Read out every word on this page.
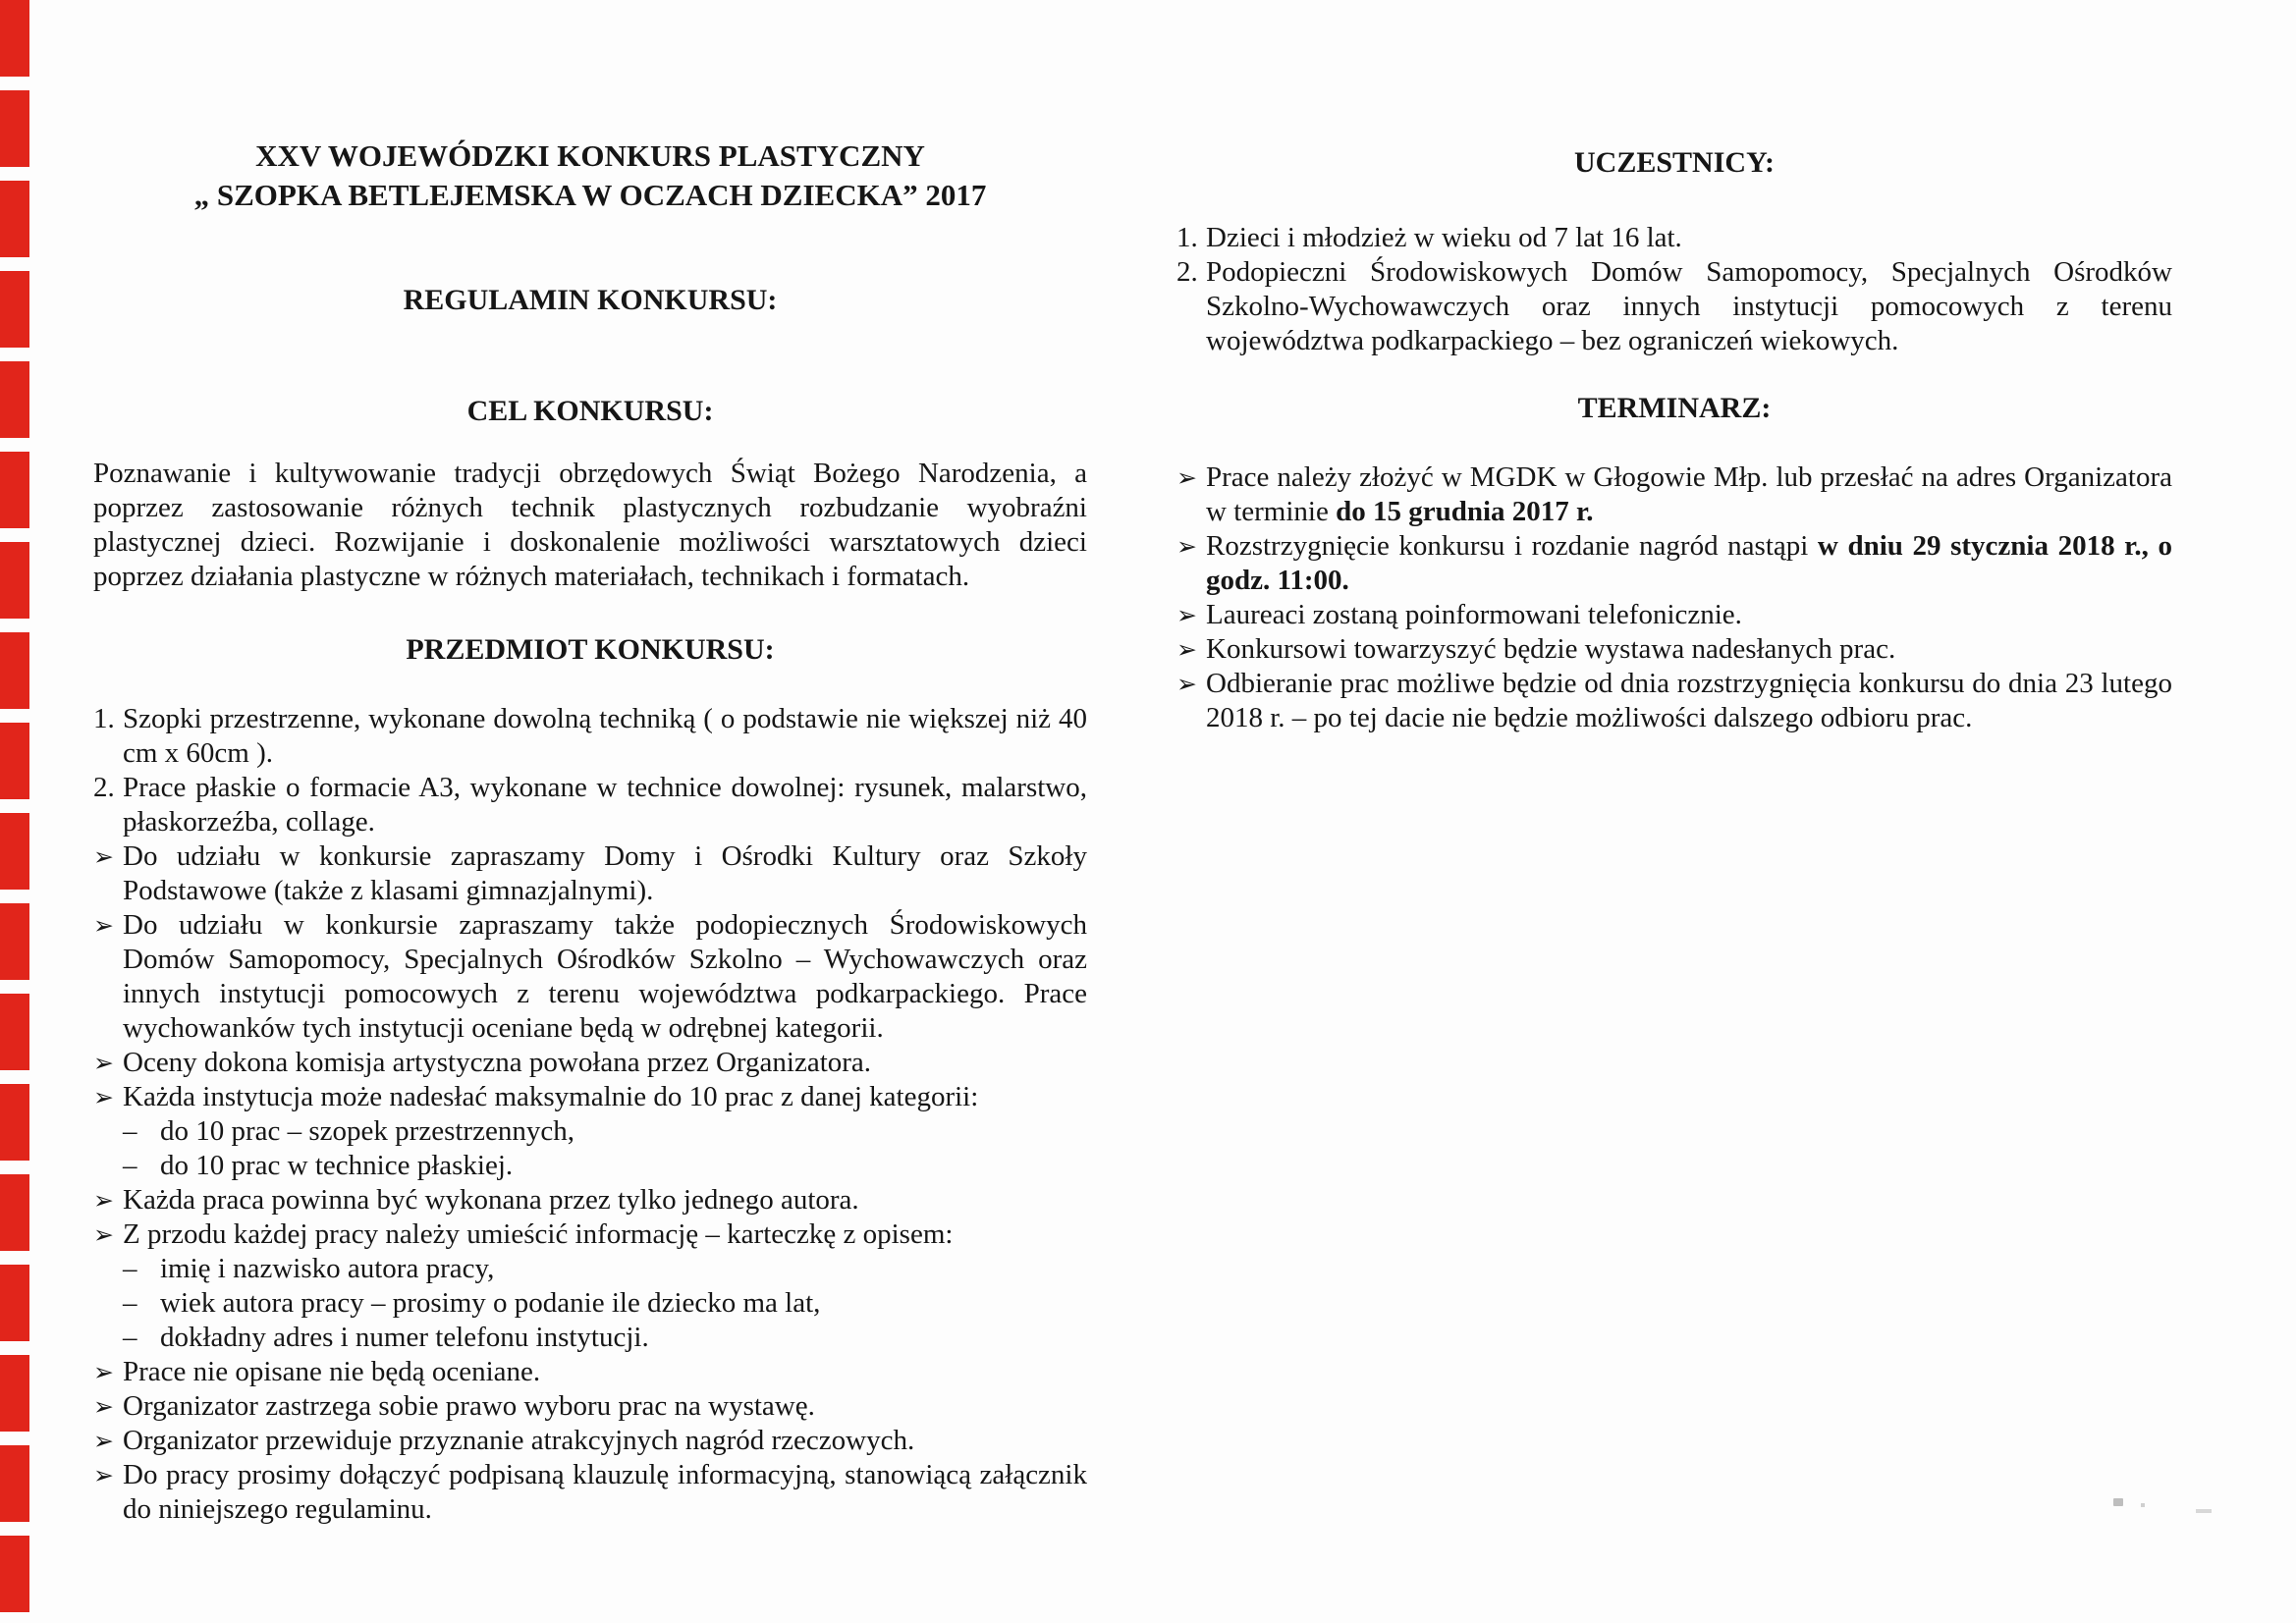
XXV WOJEWÓDZKI KONKURS PLASTYCZNY
„ SZOPKA BETLEJEMSKA W OCZACH DZIECKA” 2017
REGULAMIN KONKURSU:
CEL KONKURSU:
Poznawanie i kultywowanie tradycji obrzędowych Świąt Bożego Narodzenia, a poprzez zastosowanie różnych technik plastycznych rozbudzanie wyobraźni plastycznej dzieci. Rozwijanie i doskonalenie możliwości warsztatowych dzieci poprzez działania plastyczne w różnych materiałach, technikach i formatach.
PRZEDMIOT KONKURSU:
1. Szopki przestrzenne, wykonane dowolną techniką ( o podstawie nie większej niż 40 cm x 60cm ).
2. Prace płaskie o formacie A3, wykonane w technice dowolnej: rysunek, malarstwo, płaskorzeźba, collage.
➢ Do udziału w konkursie zapraszamy Domy i Ośrodki Kultury oraz Szkoły Podstawowe (także z klasami gimnazjalnymi).
➢ Do udziału w konkursie zapraszamy także podopiecznych Środowiskowych Domów Samopomocy, Specjalnych Ośrodków Szkolno – Wychowawczych oraz innych instytucji pomocowych z terenu województwa podkarpackiego. Prace wychowanków tych instytucji oceniane będą w odrębnej kategorii.
➢ Oceny dokona komisja artystyczna powołana przez Organizatora.
➢ Każda instytucja może nadesłać maksymalnie do 10 prac z danej kategorii:
– do 10 prac – szopek przestrzennych,
– do 10 prac w technice płaskiej.
➢ Każda praca powinna być wykonana przez tylko jednego autora.
➢ Z przodu każdej pracy należy umieścić informację – karteczkę z opisem:
– imię i nazwisko autora pracy,
– wiek autora pracy – prosimy o podanie ile dziecko ma lat,
– dokładny adres i numer telefonu instytucji.
➢ Prace nie opisane nie będą oceniane.
➢ Organizator zastrzega sobie prawo wyboru prac na wystawę.
➢ Organizator przewiduje przyznanie atrakcyjnych nagród rzeczowych.
➢ Do pracy prosimy dołączyć podpisaną klauzulę informacyjną, stanowiącą załącznik do niniejszego regulaminu.
UCZESTNICY:
1. Dzieci i młodzież w wieku od 7 lat 16 lat.
2. Podopieczni Środowiskowych Domów Samopomocy, Specjalnych Ośrodków Szkolno-Wychowawczych oraz innych instytucji pomocowych z terenu województwa podkarpackiego – bez ograniczeń wiekowych.
TERMINARZ:
➢ Prace należy złożyć w MGDK w Głogowie Młp. lub przesłać na adres Organizatora w terminie do 15 grudnia 2017 r.
➢ Rozstrzygnięcie konkursu i rozdanie nagród nastąpi w dniu 29 stycznia 2018 r., o godz. 11:00.
➢ Laureaci zostaną poinformowani telefonicznie.
➢ Konkursowi towarzyszyć będzie wystawa nadesłanych prac.
➢ Odbieranie prac możliwe będzie od dnia rozstrzygnięcia konkursu do dnia 23 lutego 2018 r. – po tej dacie nie będzie możliwości dalszego odbioru prac.
